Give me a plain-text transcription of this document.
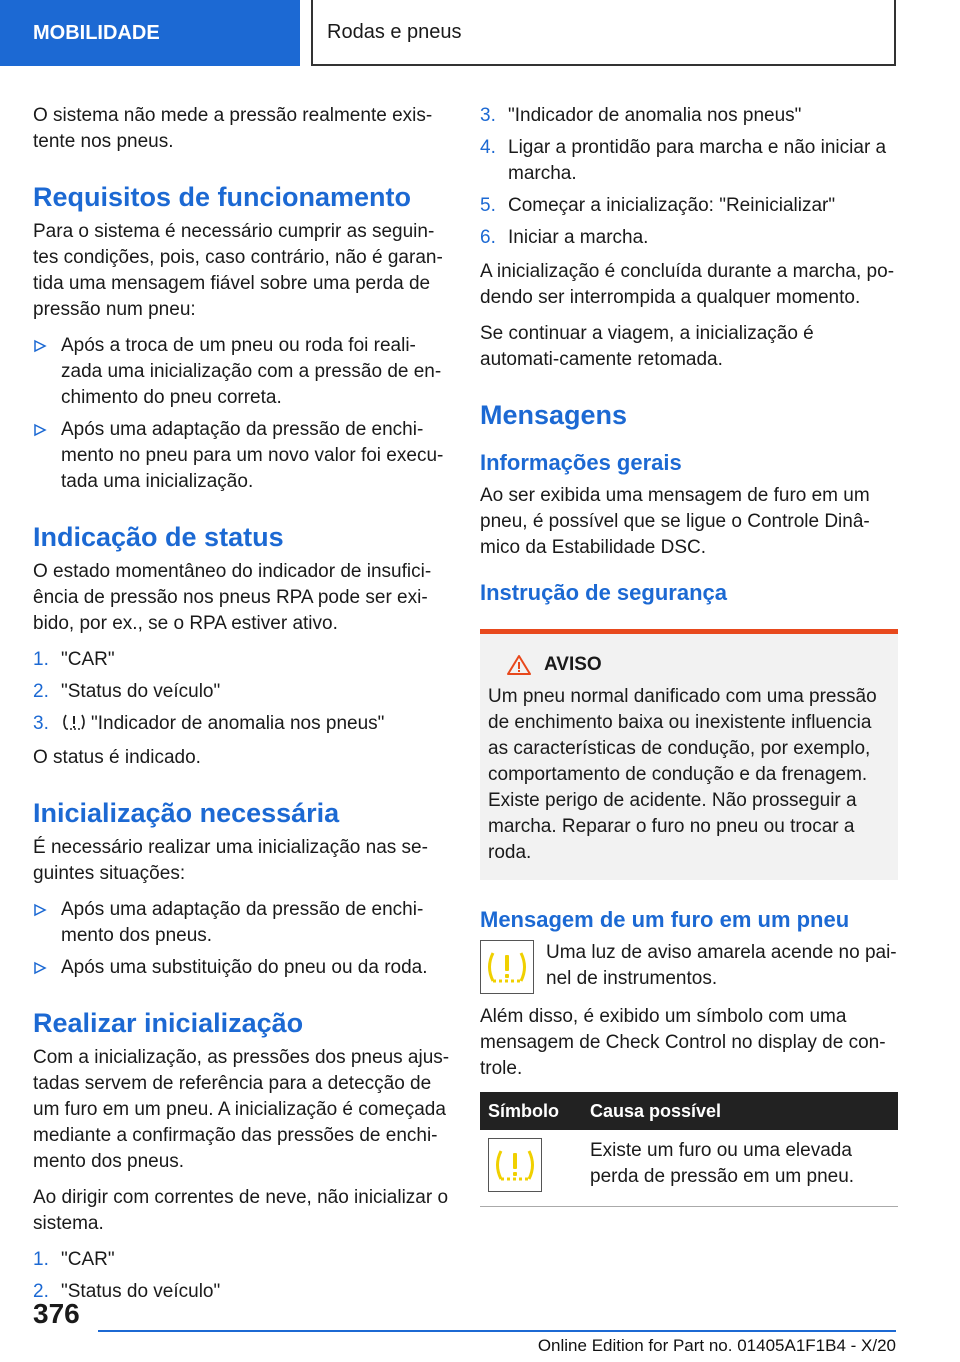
MOBILIDADE	Rodas e pneus

O sistema não mede a pressão realmente exis-tente nos pneus.

Requisitos de funcionamento

Para o sistema é necessário cumprir as seguin-tes condições, pois, caso contrário, não é garan-tida uma mensagem fiável sobre uma perda de pressão num pneu:

Após a troca de um pneu ou roda foi reali-zada uma inicialização com a pressão de en-chimento do pneu correta.
Após uma adaptação da pressão de enchi-mento no pneu para um novo valor foi execu-tada uma inicialização.
Indicação de status

O estado momentâneo do indicador de insufici-ência de pressão nos pneus RPA pode ser exi-bido, por ex., se o RPA estiver ativo.

1. "CAR"
2. "Status do veículo"
3. "Indicador de anomalia nos pneus"

O status é indicado.

Inicialização necessária

É necessário realizar uma inicialização nas se-guintes situações:

Após uma adaptação da pressão de enchi-mento dos pneus.
Após uma substituição do pneu ou da roda.
Realizar inicialização

Com a inicialização, as pressões dos pneus ajus-tadas servem de referência para a detecção de um furo em um pneu. A inicialização é começada mediante a confirmação das pressões de enchi-mento dos pneus.

Ao dirigir com correntes de neve, não inicializar o sistema.

1. "CAR"
2. "Status do veículo"
3. "Indicador de anomalia nos pneus"
4. Ligar a prontidão para marcha e não iniciar a marcha.
5. Começar a inicialização: "Reinicializar"
6. Iniciar a marcha.

A inicialização é concluída durante a marcha, po-dendo ser interrompida a qualquer momento.

Se continuar a viagem, a inicialização é automati-camente retomada.

Mensagens
Informações gerais

Ao ser exibida uma mensagem de furo em um pneu, é possível que se ligue o Controle Dinâ-mico da Estabilidade DSC.

Instrução de segurança
AVISO

Um pneu normal danificado com uma pressão de enchimento baixa ou inexistente influencia as características de condução, por exemplo, comportamento de condução e da frenagem. Existe perigo de acidente. Não prosseguir a marcha. Reparar o furo no pneu ou trocar a roda.

Mensagem de um furo em um pneu
Uma luz de aviso amarela acende no pai-nel de instrumentos.

Além disso, é exibido um símbolo com uma mensagem de Check Control no display de con-trole.

Símbolo	Causa possível

	Existe um furo ou uma elevada perda de pressão em um pneu.
376
Online Edition for Part no. 01405A1F1B4 - X/20
